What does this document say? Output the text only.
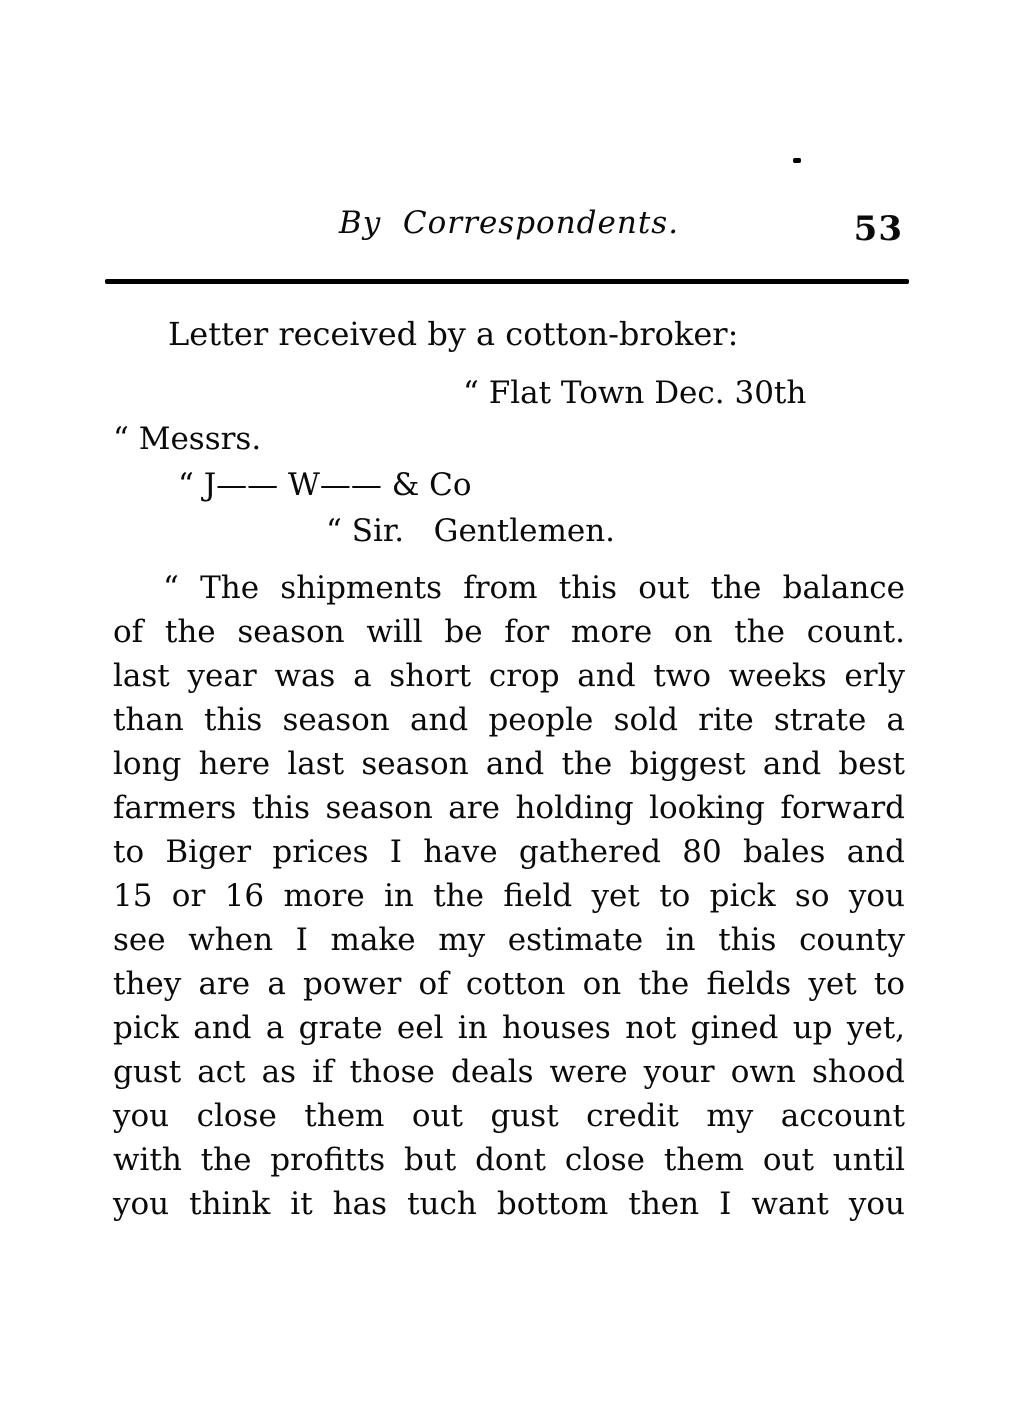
By  Correspondents.	53
Letter received by a cotton-broker:
“ Flat Town Dec. 30th
“ Messrs.
“ J—— W—— & Co
“ Sir.   Gentlemen.
“ The shipments from this out the balance
of the season will be for more on the count.
last year was a short crop and two weeks erly
than this season and people sold rite strate a
long here last season and the biggest and best
farmers this season are holding looking forward
to Biger prices I have gathered 80 bales and
15 or 16 more in the field yet to pick so you
see when I make my estimate in this county
they are a power of cotton on the fields yet to
pick and a grate eel in houses not gined up yet,
gust act as if those deals were your own shood
you close them out gust credit my account
with the profitts but dont close them out until
you think it has tuch bottom then I want you
